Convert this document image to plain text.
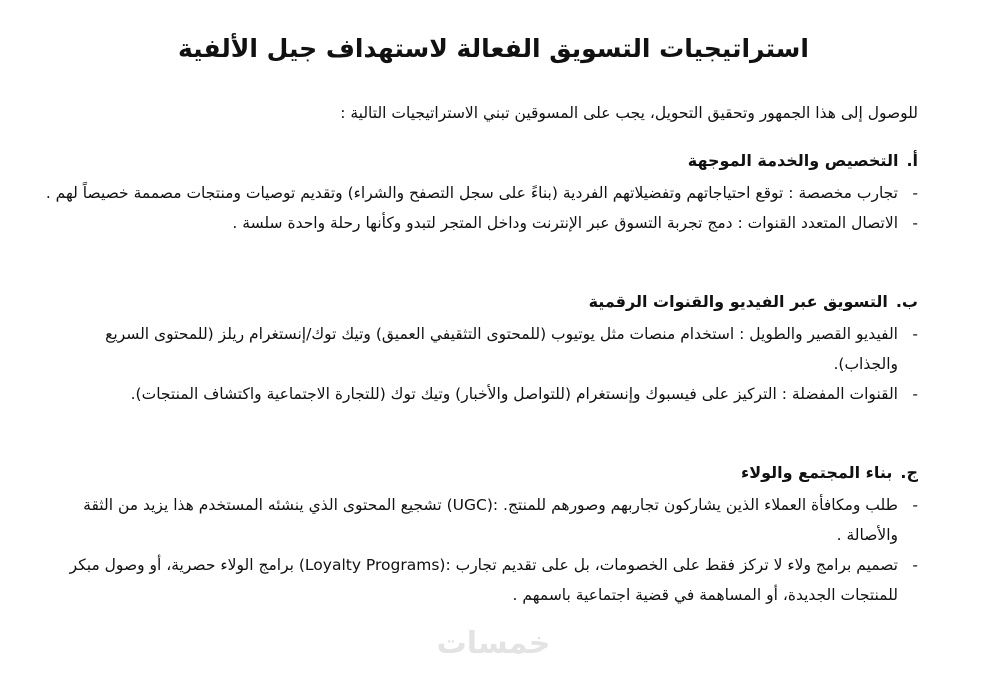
استراتيجيات التسويق الفعالة لاستهداف جيل الألفية

للوصول إلى هذا الجمهور وتحقيق التحويل، يجب على المسوقين تبني الاستراتيجيات التالية :

أ.التخصيص والخدمة الموجهة

-
تجارب مخصصة : توقع احتياجاتهم وتفضيلاتهم الفردية (بناءً على سجل التصفح والشراء) وتقديم توصيات ومنتجات مصممة خصيصاً لهم .
-
الاتصال المتعدد القنوات : دمج تجربة التسوق عبر الإنترنت وداخل المتجر لتبدو وكأنها رحلة واحدة سلسة .

ب.التسويق عبر الفيديو والقنوات الرقمية

-
الفيديو القصير والطويل : استخدام منصات مثل يوتيوب (للمحتوى التثقيفي العميق) وتيك توك/إنستغرام ريلز (للمحتوى السريع والجذاب).
-
القنوات المفضلة : التركيز على فيسبوك وإنستغرام (للتواصل والأخبار) وتيك توك (للتجارة الاجتماعية واكتشاف المنتجات).

ج.بناء المجتمع والولاء

-
طلب ومكافأة العملاء الذين يشاركون تجاربهم وصورهم للمنتج. :(UGC) تشجيع المحتوى الذي ينشئه المستخدم هذا يزيد من الثقة والأصالة .
-
تصميم برامج ولاء لا تركز فقط على الخصومات، بل على تقديم تجارب :(Loyalty Programs) برامج الولاء حصرية، أو وصول مبكر للمنتجات الجديدة، أو المساهمة في قضية اجتماعية باسمهم .
خمسات
